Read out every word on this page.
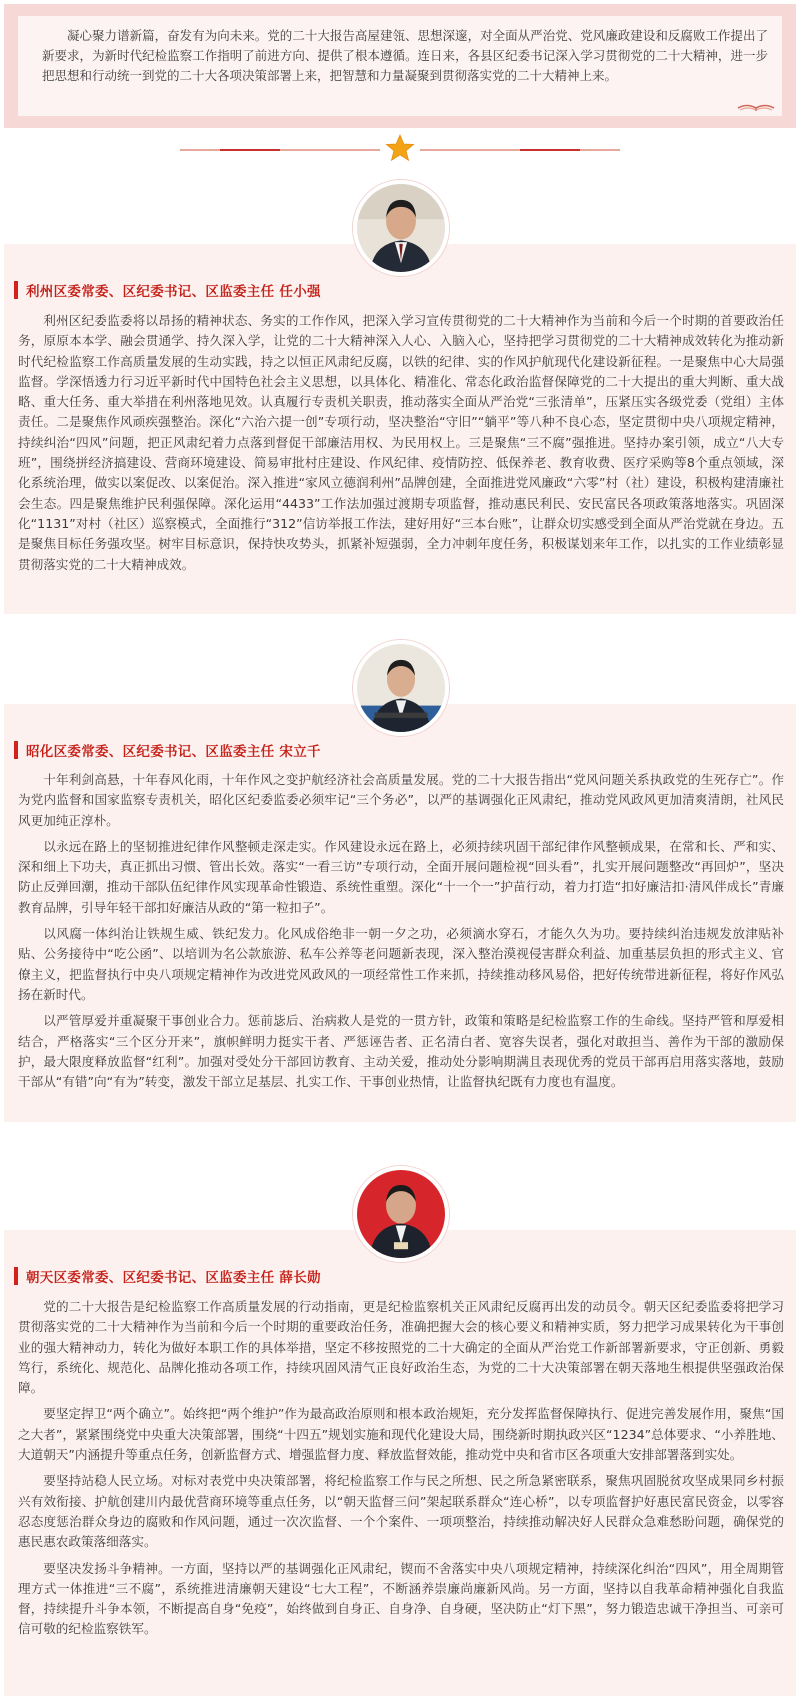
凝心聚力谱新篇，奋发有为向未来。党的二十大报告高屋建瓴、思想深邃，对全面从严治党、党风廉政建设和反腐败工作提出了新要求，为新时代纪检监察工作指明了前进方向、提供了根本遵循。连日来，各县区纪委书记深入学习贯彻党的二十大精神，进一步把思想和行动统一到党的二十大各项决策部署上来，把智慧和力量凝聚到贯彻落实党的二十大精神上来。

利州区委常委、区纪委书记、区监委主任 任小强

利州区纪委监委将以昂扬的精神状态、务实的工作作风，把深入学习宣传贯彻党的二十大精神作为当前和今后一个时期的首要政治任务，原原本本学、融会贯通学、持久深入学，让党的二十大精神深入人心、入脑入心，坚持把学习贯彻党的二十大精神成效转化为推动新时代纪检监察工作高质量发展的生动实践，持之以恒正风肃纪反腐，以铁的纪律、实的作风护航现代化建设新征程。一是聚焦中心大局强监督。学深悟透力行习近平新时代中国特色社会主义思想，以具体化、精准化、常态化政治监督保障党的二十大提出的重大判断、重大战略、重大任务、重大举措在利州落地见效。认真履行专责机关职责，推动落实全面从严治党“三张清单”，压紧压实各级党委（党组）主体责任。二是聚焦作风顽疾强整治。深化“六治六提一创”专项行动，坚决整治“守旧”“躺平”等八种不良心态，坚定贯彻中央八项规定精神，持续纠治“四风”问题，把正风肃纪着力点落到督促干部廉洁用权、为民用权上。三是聚焦“三不腐”强推进。坚持办案引领，成立“八大专班”，围绕拼经济搞建设、营商环境建设、简易审批村庄建设、作风纪律、疫情防控、低保养老、教育收费、医疗采购等8个重点领域，深化系统治理，做实以案促改、以案促治。深入推进“家风立德润利州”品牌创建，全面推进党风廉政“六零”村（社）建设，积极构建清廉社会生态。四是聚焦维护民利强保障。深化运用“4433”工作法加强过渡期专项监督，推动惠民利民、安民富民各项政策落地落实。巩固深化“1131”对村（社区）巡察模式，全面推行“312”信访举报工作法，建好用好“三本台账”，让群众切实感受到全面从严治党就在身边。五是聚焦目标任务强攻坚。树牢目标意识，保持快攻势头，抓紧补短强弱，全力冲刺年度任务，积极谋划来年工作，以扎实的工作业绩彰显贯彻落实党的二十大精神成效。

昭化区委常委、区纪委书记、区监委主任 宋立千

十年利剑高悬，十年春风化雨，十年作风之变护航经济社会高质量发展。党的二十大报告指出“党风问题关系执政党的生死存亡”。作为党内监督和国家监察专责机关，昭化区纪委监委必须牢记“三个务必”，以严的基调强化正风肃纪，推动党风政风更加清爽清朗，社风民风更加纯正淳朴。

以永远在路上的坚韧推进纪律作风整顿走深走实。作风建设永远在路上，必须持续巩固干部纪律作风整顿成果，在常和长、严和实、深和细上下功夫，真正抓出习惯、管出长效。落实“一看三访”专项行动，全面开展问题检视“回头看”，扎实开展问题整改“再回炉”，坚决防止反弹回潮，推动干部队伍纪律作风实现革命性锻造、系统性重塑。深化“十一个一”护苗行动，着力打造“扣好廉洁扣·清风伴成长”青廉教育品牌，引导年轻干部扣好廉洁从政的“第一粒扣子”。

以风腐一体纠治让铁规生威、铁纪发力。化风成俗绝非一朝一夕之功，必须滴水穿石，才能久久为功。要持续纠治违规发放津贴补贴、公务接待中“吃公函”、以培训为名公款旅游、私车公养等老问题新表现，深入整治漠视侵害群众利益、加重基层负担的形式主义、官僚主义，把监督执行中央八项规定精神作为改进党风政风的一项经常性工作来抓，持续推动移风易俗，把好传统带进新征程，将好作风弘扬在新时代。

以严管厚爱并重凝聚干事创业合力。惩前毖后、治病救人是党的一贯方针，政策和策略是纪检监察工作的生命线。坚持严管和厚爱相结合，严格落实“三个区分开来”，旗帜鲜明力挺实干者、严惩诬告者、正名清白者、宽容失误者，强化对敢担当、善作为干部的激励保护，最大限度释放监督“红利”。加强对受处分干部回访教育、主动关爱，推动处分影响期满且表现优秀的党员干部再启用落实落地，鼓励干部从“有错”向“有为”转变，激发干部立足基层、扎实工作、干事创业热情，让监督执纪既有力度也有温度。

朝天区委常委、区纪委书记、区监委主任 薛长勋

党的二十大报告是纪检监察工作高质量发展的行动指南，更是纪检监察机关正风肃纪反腐再出发的动员令。朝天区纪委监委将把学习贯彻落实党的二十大精神作为当前和今后一个时期的重要政治任务，准确把握大会的核心要义和精神实质，努力把学习成果转化为干事创业的强大精神动力，转化为做好本职工作的具体举措，坚定不移按照党的二十大确定的全面从严治党工作新部署新要求，守正创新、勇毅笃行，系统化、规范化、品牌化推动各项工作，持续巩固风清气正良好政治生态，为党的二十大决策部署在朝天落地生根提供坚强政治保障。

要坚定捍卫“两个确立”。始终把“两个维护”作为最高政治原则和根本政治规矩，充分发挥监督保障执行、促进完善发展作用，聚焦“国之大者”，紧紧围绕党中央重大决策部署，围绕“十四五”规划实施和现代化建设大局，围绕新时期执政兴区“1234”总体要求、“小养胜地、大道朝天”内涵提升等重点任务，创新监督方式、增强监督力度、释放监督效能，推动党中央和省市区各项重大安排部署落到实处。

要坚持站稳人民立场。对标对表党中央决策部署，将纪检监察工作与民之所想、民之所急紧密联系，聚焦巩固脱贫攻坚成果同乡村振兴有效衔接、护航创建川内最优营商环境等重点任务，以“朝天监督三问”架起联系群众“连心桥”，以专项监督护好惠民富民资金，以零容忍态度惩治群众身边的腐败和作风问题，通过一次次监督、一个个案件、一项项整治，持续推动解决好人民群众急难愁盼问题，确保党的惠民惠农政策落细落实。

要坚决发扬斗争精神。一方面，坚持以严的基调强化正风肃纪，锲而不舍落实中央八项规定精神，持续深化纠治“四风”，用全周期管理方式一体推进“三不腐”，系统推进清廉朝天建设“七大工程”，不断涵养崇廉尚廉新风尚。另一方面，坚持以自我革命精神强化自我监督，持续提升斗争本领，不断提高自身“免疫”，始终做到自身正、自身净、自身硬，坚决防止“灯下黑”，努力锻造忠诚干净担当、可亲可信可敬的纪检监察铁军。
